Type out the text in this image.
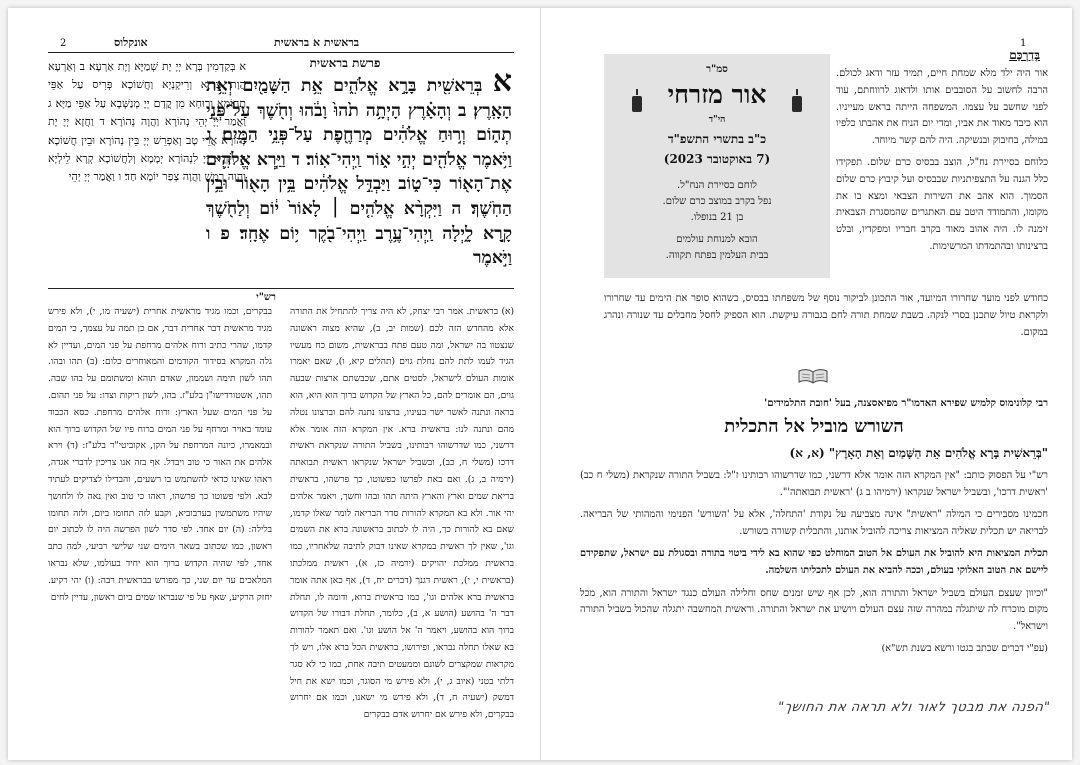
2	בראשית א בראשית
אונקלוס
פרשת בראשית
א בְּרֵאשִׁ֖ית בָּרָ֣א אֱלֹהִ֑ים אֵ֥ת הַשָּׁמַ֖יִם וְאֵ֥ת הָאָֽרֶץ׃ ב וְהָאָ֗רֶץ הָיְתָ֥ה תֹ֙הוּ֙ וָבֹ֔הוּ וְחֹ֖שֶׁךְ עַל־פְּנֵ֣י תְה֑וֹם וְר֣וּחַ אֱלֹהִ֔ים מְרַחֶ֖פֶת עַל־פְּנֵ֥י הַמָּֽיִם׃ ג וַיֹּ֥אמֶר אֱלֹהִ֖ים יְהִ֣י א֑וֹר וַֽיְהִי־אֽוֹר׃ ד וַיַּ֧רְא אֱלֹהִ֛ים אֶת־הָא֖וֹר כִּי־ט֑וֹב וַיַּבְדֵּ֣ל אֱלֹהִ֔ים בֵּ֥ין הָא֖וֹר וּבֵ֥ין הַחֹֽשֶׁךְ׃ ה וַיִּקְרָ֨א אֱלֹהִ֤ים ׀ לָאוֹר֙ י֔וֹם וְלַחֹ֖שֶׁךְ קָ֣רָא לָ֑יְלָה וַֽיְהִי־עֶ֥רֶב וַֽיְהִי־בֹ֖קֶר י֥וֹם אֶחָֽד׃ פ ו וַיֹּ֣אמֶר
א בְּקַדְמִין בְּרָא יְיָ יָת שְׁמַיָּא וְיָת אַרְעָא׃ ב וְאַרְעָא הֲוָת צַדְיָא וְרֵיקָנְיָא וַחֲשׁוֹכָא פְּרִיס עַל אַפֵּי תְהוֹמָא וְרוּחָא מִן קֳדָם יְיָ מְנַשְּׁבָא עַל אַפֵּי מַיָּא׃ ג וַאֲמַר יְיָ יְהֵי נְהוֹרָא וַהֲוָה נְהוֹרָא׃ ד וַחֲזָא יְיָ יָת נְהוֹרָא אֲרֵי טָב וְאַפְרֵשׁ יְיָ בֵּין נְהוֹרָא וּבֵין חֲשׁוֹכָא׃ ה וּקְרָא יְיָ לִנְהוֹרָא יְמָמָא וְלַחֲשׁוֹכָא קְרָא לֵילְיָא וַהֲוָה רְמַשׁ וַהֲוָה צְפַר יוֹמָא חַד׃ ו וַאֲמַר יְיָ יְהֵי
רש"י
(א) בראשית. אמר רבי יצחק, לא היה צריך להתחיל את התורה אלא מהחדש הזה לכם (שמות יב, ב), שהיא מצוה ראשונה שנצטוו בה ישראל, ומה טעם פתח בבראשית, משום כח מעשיו הגיד לעמו לתת להם נחלת גוים (תהלים קיא, ו), שאם יאמרו אומות העולם לישראל, לסטים אתם, שכבשתם ארצות שבעה גוים, הם אומרים להם, כל הארץ של הקדוש ברוך הוא היא, הוא בראה ונתנה לאשר ישר בעיניו, ברצונו נתנה להם וברצונו נטלה מהם ונתנה לנו: בראשית ברא. אין המקרא הזה אומר אלא דרשני, כמו שדרשוהו רבותינו, בשביל התורה שנקראת ראשית דרכו (משלי ח, כב), ובשביל ישראל שנקראו ראשית תבואתה (ירמיה ב, ג). ואם באת לפרשו כפשוטו, כך פרשהו, בראשית בריאת שמים וארץ והארץ היתה תהו ובהו וחשך, ויאמר אלהים יהי אור. ולא בא המקרא להורות סדר הבריאה לומר שאלו קדמו, שאם בא להורות כך, היה לו לכתוב בראשונה ברא את השמים וגו', שאין לך ראשית במקרא שאינו דבוק לתיבה שלאחריו, כמו בראשית ממלכת יהויקים (ירמיה כז, א), ראשית ממלכתו (בראשית י, י), ראשית דגנך (דברים יח, ד), אף כאן אתה אומר בראשית ברא אלהים וגו', כמו בראשית ברוא, ודומה לו, תחלת דבר ה' בהושע (הושע א, ב), כלומר, תחלת דבורו של הקדוש ברוך הוא בהושע, ויאמר ה' אל הושע וגו'. ואם תאמר להורות בא שאלו תחלה נבראו, ופירושו, בראשית הכל ברא אלו, ויש לך מקראות שמקצרים לשונם וממעטים תיבה אחת, כמו כי לא סגר דלתי בטני (איוב ג, י), ולא פירש מי הסוגר, וכמו ישא את חיל דמשק (ישעיה ח, ד), ולא פירש מי ישאנו, וכמו אם יחרוש בבקרים, ולא פירש אם יחרוש אדם בבקרים
בבקרים, וכמו מגיד מראשית אחרית (ישעיה מו, י), ולא פירש מגיד מראשית דבר אחרית דבר, אם כן תמה על עצמך, כי המים קדמו, שהרי כתיב ורוח אלהים מרחפת על פני המים, ועדיין לא גלה המקרא בסידור הקודמים והמאוחרים כלום: (ב) תהו ובהו. תהו לשון תימה ושממון, שאדם תוהא ומשתומם על בהו שבה. תהו, אשטורדישו"ן בלע"ז. בהו, לשון ריקות וצדו: על פני תהום. על פני המים שעל הארץ: ורוח אלהים מרחפת. כסא הכבוד עומד באויר ומרחף על פני המים ברוח פיו של הקדוש ברוך הוא ובמאמרו, כיונה המרחפת על הקן, אקוביטי"ר בלע"ז: (ד) וירא אלהים את האור כי טוב ויבדל. אף בזה אנו צריכין לדברי אגדה, ראהו שאינו כדאי להשתמש בו רשעים, והבדילו לצדיקים לעתיד לבא. ולפי פשוטו כך פרשהו, ראהו כי טוב ואין נאה לו ולחושך שיהיו משתמשין בערבוביא, וקבע לזה תחומו ביום, ולזה תחומו בלילה: (ה) יום אחד. לפי סדר לשון הפרשה היה לו לכתוב יום ראשון, כמו שכתוב בשאר הימים שני שלישי רביעי, למה כתב אחד, לפי שהיה הקדוש ברוך הוא יחיד בעולמו, שלא נבראו המלאכים עד יום שני, כך מפורש בבראשית רבה: (ו) יהי רקיע. יחזק הרקיע, שאף על פי שנבראו שמים ביום ראשון, עדיין לחים
1
בְּדַרְכָּם

אור היה ילד מלא שמחת חיים, תמיד עזר ודאג לכולם. הרבה לחשוב על הסובבים אותו ולדאוג לרווחתם, עוד לפני שחשב על עצמו. המשפחה הייתה בראש מעייניו. הוא כיבד מאוד את אביו, ומדי יום הניח את אהבתו כלפיו במילה, בחיבוק ובנשיקה. היה להם קשר מיוחד.

כלוחם בסיירת נח"ל, הוצב בבסיס כרם שלום. תפקידו כלל הגנה על התצפיתניות שבבסיס ועל קיבוץ כרם שלום הסמוך. הוא אהב את השירות הצבאי ומצא בו את מקומו, והתמודד היטב עם האתגרים שהמסגרת הצבאית זימנה לו. היה אהוב מאוד בקרב חבריו ומפקדיו, ובלט ברצינותו ובהתמדתו המרשימות.

סמ"ר
אור מזרחי
הי"ד
כ"ב בתשרי התשפ"ד
(7 באוקטובר 2023)
לוחם בסיירת הנח"ל.
נפל בקרב במוצב כרם שלום.
בן 21 בנופלו.
הובא למנוחת עולמים
בבית העלמין בפתח תקווה.
כחודש לפני מועד שחרורו המיועד, אור התכונן לביקור נוסף של משפחתו בבסיס, כשהוא סופר את הימים עד שחרורו ולקראת טיול שתכנן בסרי לנקה. בשבת שמחת תורה לחם בגבורה עיקשת. הוא הספיק לחסל מחבלים עד שנורה ונהרג במקום.
רבי קלונימוס קלמיש שפירא האדמו"ר מפיאסצנה, בעל 'חובת התלמידים'
השורש מוביל אל התכלית
"בְּרֵאשִׁית בָּרָא אֱלֹהִים אֵת הַשָּׁמַיִם וְאֵת הָאָרֶץ" (א, א)

רש"י על הפסוק כותב: "אין המקרא הזה אומר אלא דרשני, כמו שדרשוהו רבותינו ז"ל: בשביל התורה שנקראת (משלי ח כב) 'ראשית דרכו', ובשביל ישראל שנקראו (ירמיהו ב ג) 'ראשית תבואתה'".

חכמינו מסבירים כי המילה "ראשית" אינה מצביעה על נקודת 'התחלה', אלא על 'השורש' הפנימי והמהותי של הבריאה. לבריאה יש תכלית שאליה המציאות צריכה להוביל אותנו, והתכלית קשורה בשורש.

תכלית המציאות היא להוביל את העולם אל הטוב המוחלט כפי שהוא בא לידי ביטוי בתורה ובסגולת עם ישראל, שתפקידם ליישם את הטוב האלוקי בעולם, וככה להביא את העולם לתכליתו השלמה.

"וכיוון שעצם העולם בשביל ישראל והתורה הוא, לכן אף שיש זמנים שחס וחלילה העולם כנגד ישראל והתורה הוא, מכל מקום מוכרח לה שיתגלה במהרה שזה עצם העולם ויושיע את ישראל והתורה. וראשית המחשבה יתגלה שהכול בשביל התורה וישראל".

(עפ"י דברים שכתב בגטו ורשא בשנת תש"א)
"הפנה את מבטך לאור ולא תראה את החושך"
